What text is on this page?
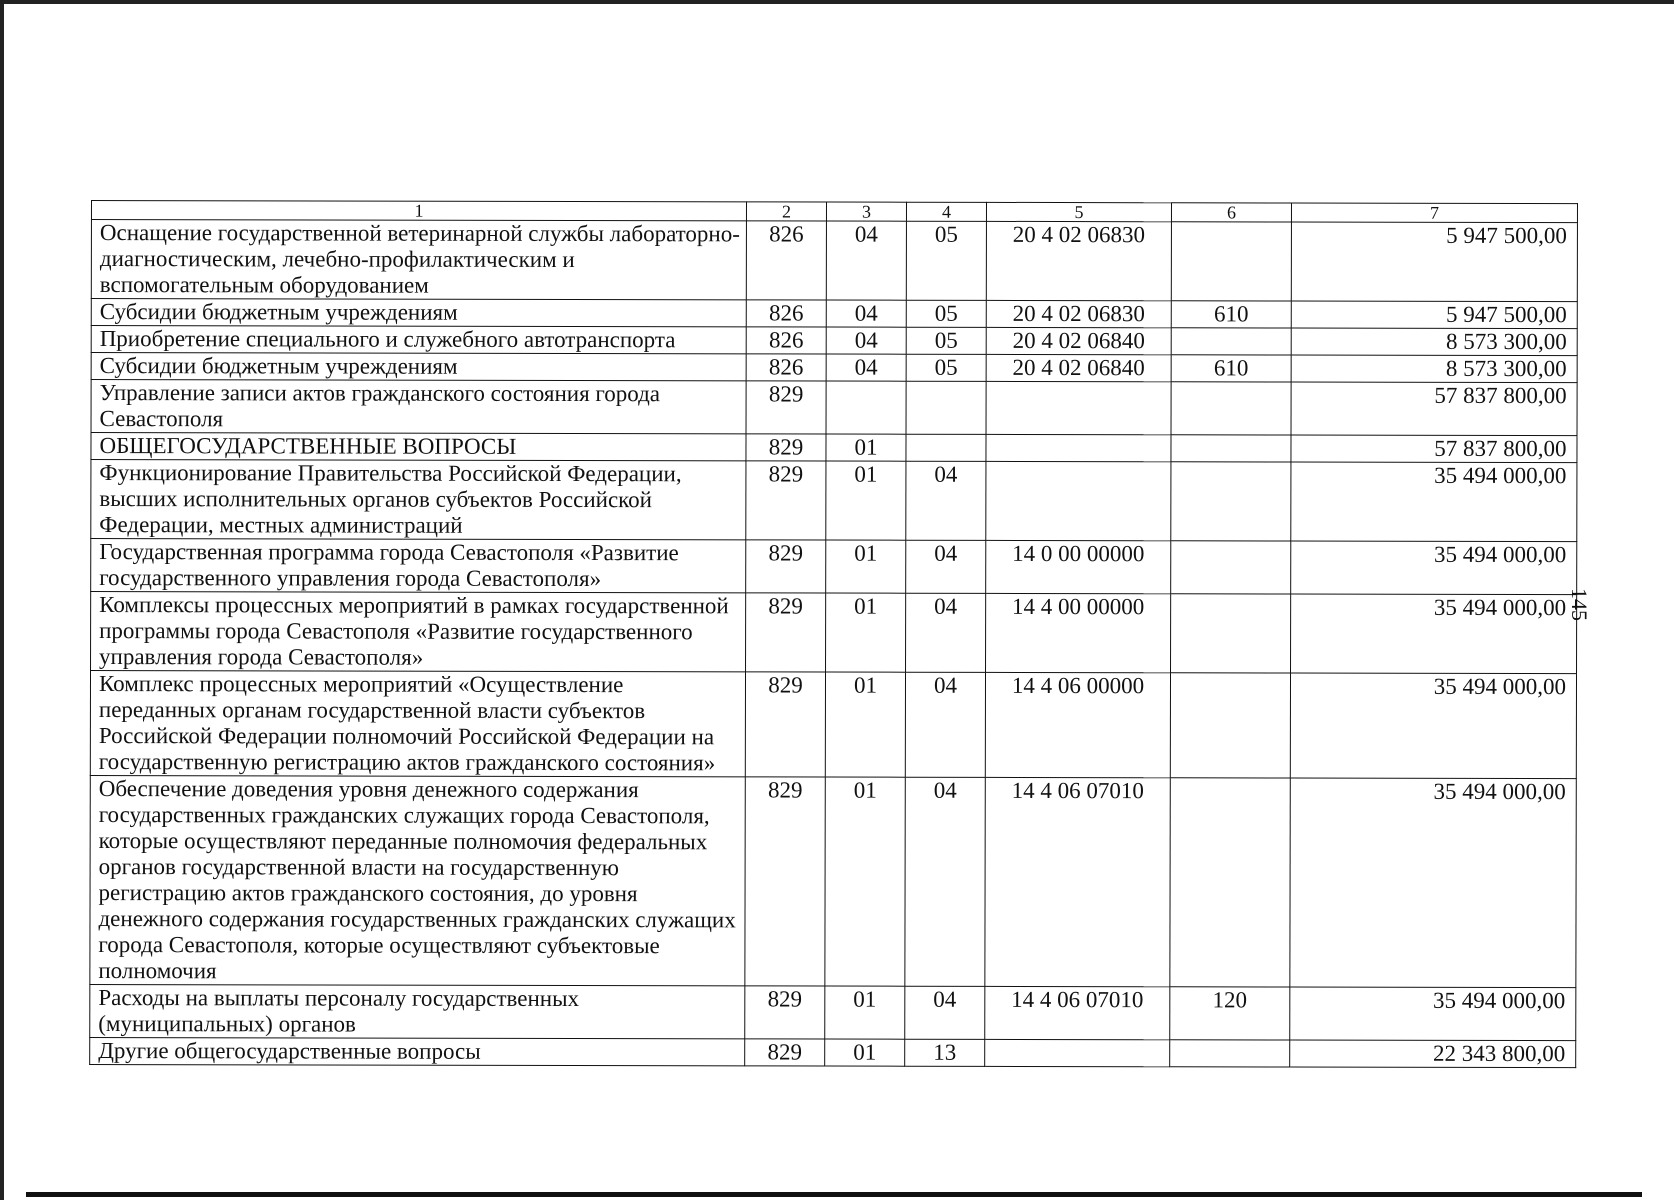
145
1	2	3	4	5	6	7
Оснащение государственной ветеринарной службы лабораторно-диагностическим, лечебно-профилактическим и вспомогательным оборудованием	826	04	05	20 4 02 06830		5 947 500,00
Субсидии бюджетным учреждениям	826	04	05	20 4 02 06830	610	5 947 500,00
Приобретение специального и служебного автотранспорта	826	04	05	20 4 02 06840		8 573 300,00
Субсидии бюджетным учреждениям	826	04	05	20 4 02 06840	610	8 573 300,00
Управление записи актов гражданского состояния города Севастополя	829					57 837 800,00
ОБЩЕГОСУДАРСТВЕННЫЕ ВОПРОСЫ	829	01				57 837 800,00
Функционирование Правительства Российской Федерации, высших исполнительных органов субъектов Российской Федерации, местных администраций	829	01	04			35 494 000,00
Государственная программа города Севастополя «Развитие государственного управления города Севастополя»	829	01	04	14 0 00 00000		35 494 000,00
Комплексы процессных мероприятий в рамках государственной программы города Севастополя «Развитие государственного управления города Севастополя»	829	01	04	14 4 00 00000		35 494 000,00
Комплекс процессных мероприятий «Осуществление переданных органам государственной власти субъектов Российской Федерации полномочий Российской Федерации на государственную регистрацию актов гражданского состояния»	829	01	04	14 4 06 00000		35 494 000,00
Обеспечение доведения уровня денежного содержания государственных гражданских служащих города Севастополя, которые осуществляют переданные полномочия федеральных органов государственной власти на государственную регистрацию актов гражданского состояния, до уровня денежного содержания государственных гражданских служащих города Севастополя, которые осуществляют субъектовые полномочия	829	01	04	14 4 06 07010		35 494 000,00
Расходы на выплаты персоналу государственных (муниципальных) органов	829	01	04	14 4 06 07010	120	35 494 000,00
Другие общегосударственные вопросы	829	01	13			22 343 800,00
